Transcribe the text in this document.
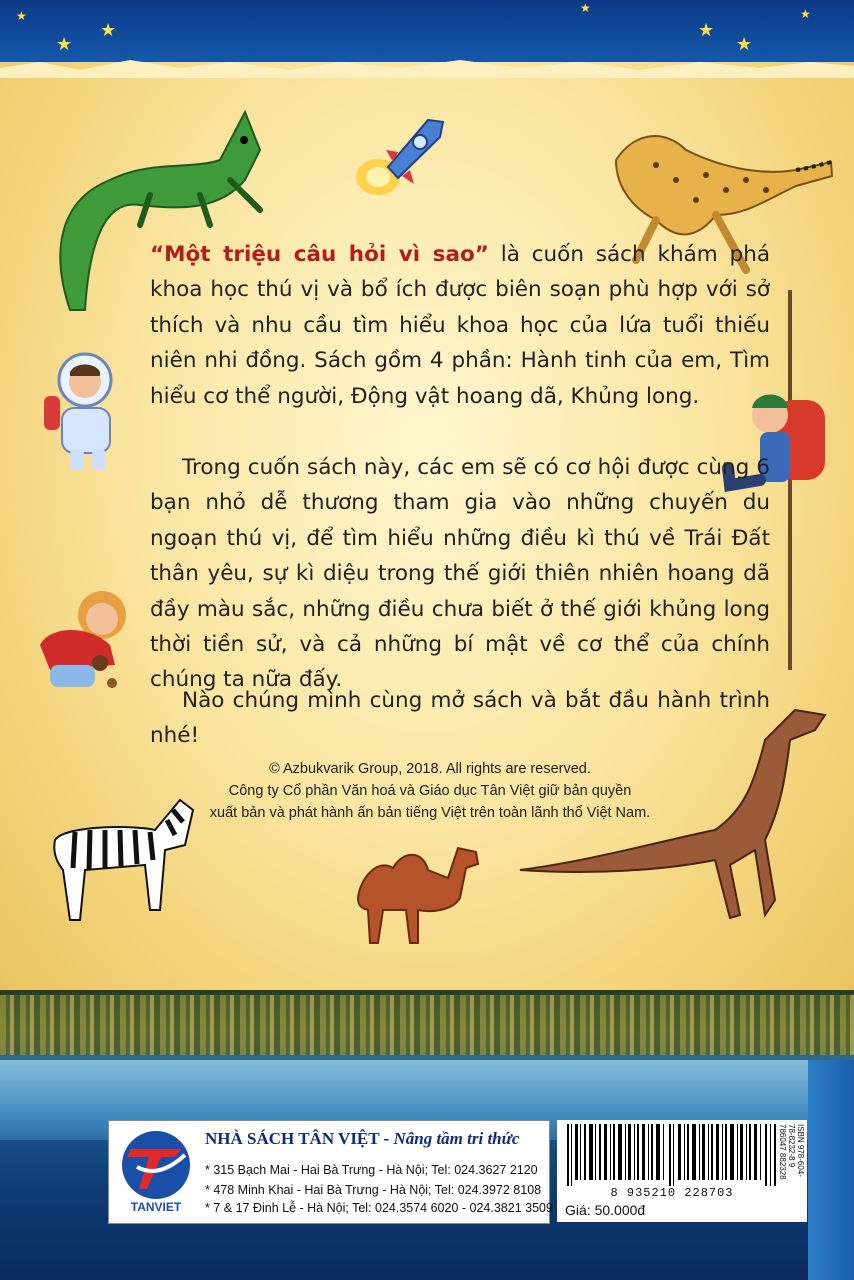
★
★
★
★
★
★	★
“Một triệu câu hỏi vì sao” là cuốn sách khám phá khoa học thú vị và bổ ích được biên soạn phù hợp với sở thích và nhu cầu tìm hiểu khoa học của lứa tuổi thiếu niên nhi đồng. Sách gồm 4 phần: Hành tinh của em, Tìm hiểu cơ thể người, Động vật hoang dã, Khủng long.
Trong cuốn sách này, các em sẽ có cơ hội được cùng 6 bạn nhỏ dễ thương tham gia vào những chuyến du ngoạn thú vị, để tìm hiểu những điều kì thú về Trái Đất thân yêu, sự kì diệu trong thế giới thiên nhiên hoang dã đầy màu sắc, những điều chưa biết ở thế giới khủng long thời tiền sử, và cả những bí mật về cơ thể của chính chúng ta nữa đấy.
Nào chúng mình cùng mở sách và bắt đầu hành trình nhé!
© Azbukvarik Group, 2018. All rights are reserved.
Công ty Cổ phần Văn hoá và Giáo dục Tân Việt giữ bản quyền
xuất bản và phát hành ấn bản tiếng Việt trên toàn lãnh thổ Việt Nam.
TANVIET
NHÀ SÁCH TÂN VIỆT - Nâng tầm tri thức
* 315 Bạch Mai - Hai Bà Trưng - Hà Nội; Tel: 024.3627 2120
* 478 Minh Khai - Hai Bà Trưng - Hà Nội; Tel: 024.3972 8108
* 7 & 17 Đinh Lễ - Hà Nội; Tel: 024.3574 6020 - 024.3821 3509
8 935210 228703
ISBN 978-604-78-8232-8 9 786047 882328
Giá: 50.000đ
